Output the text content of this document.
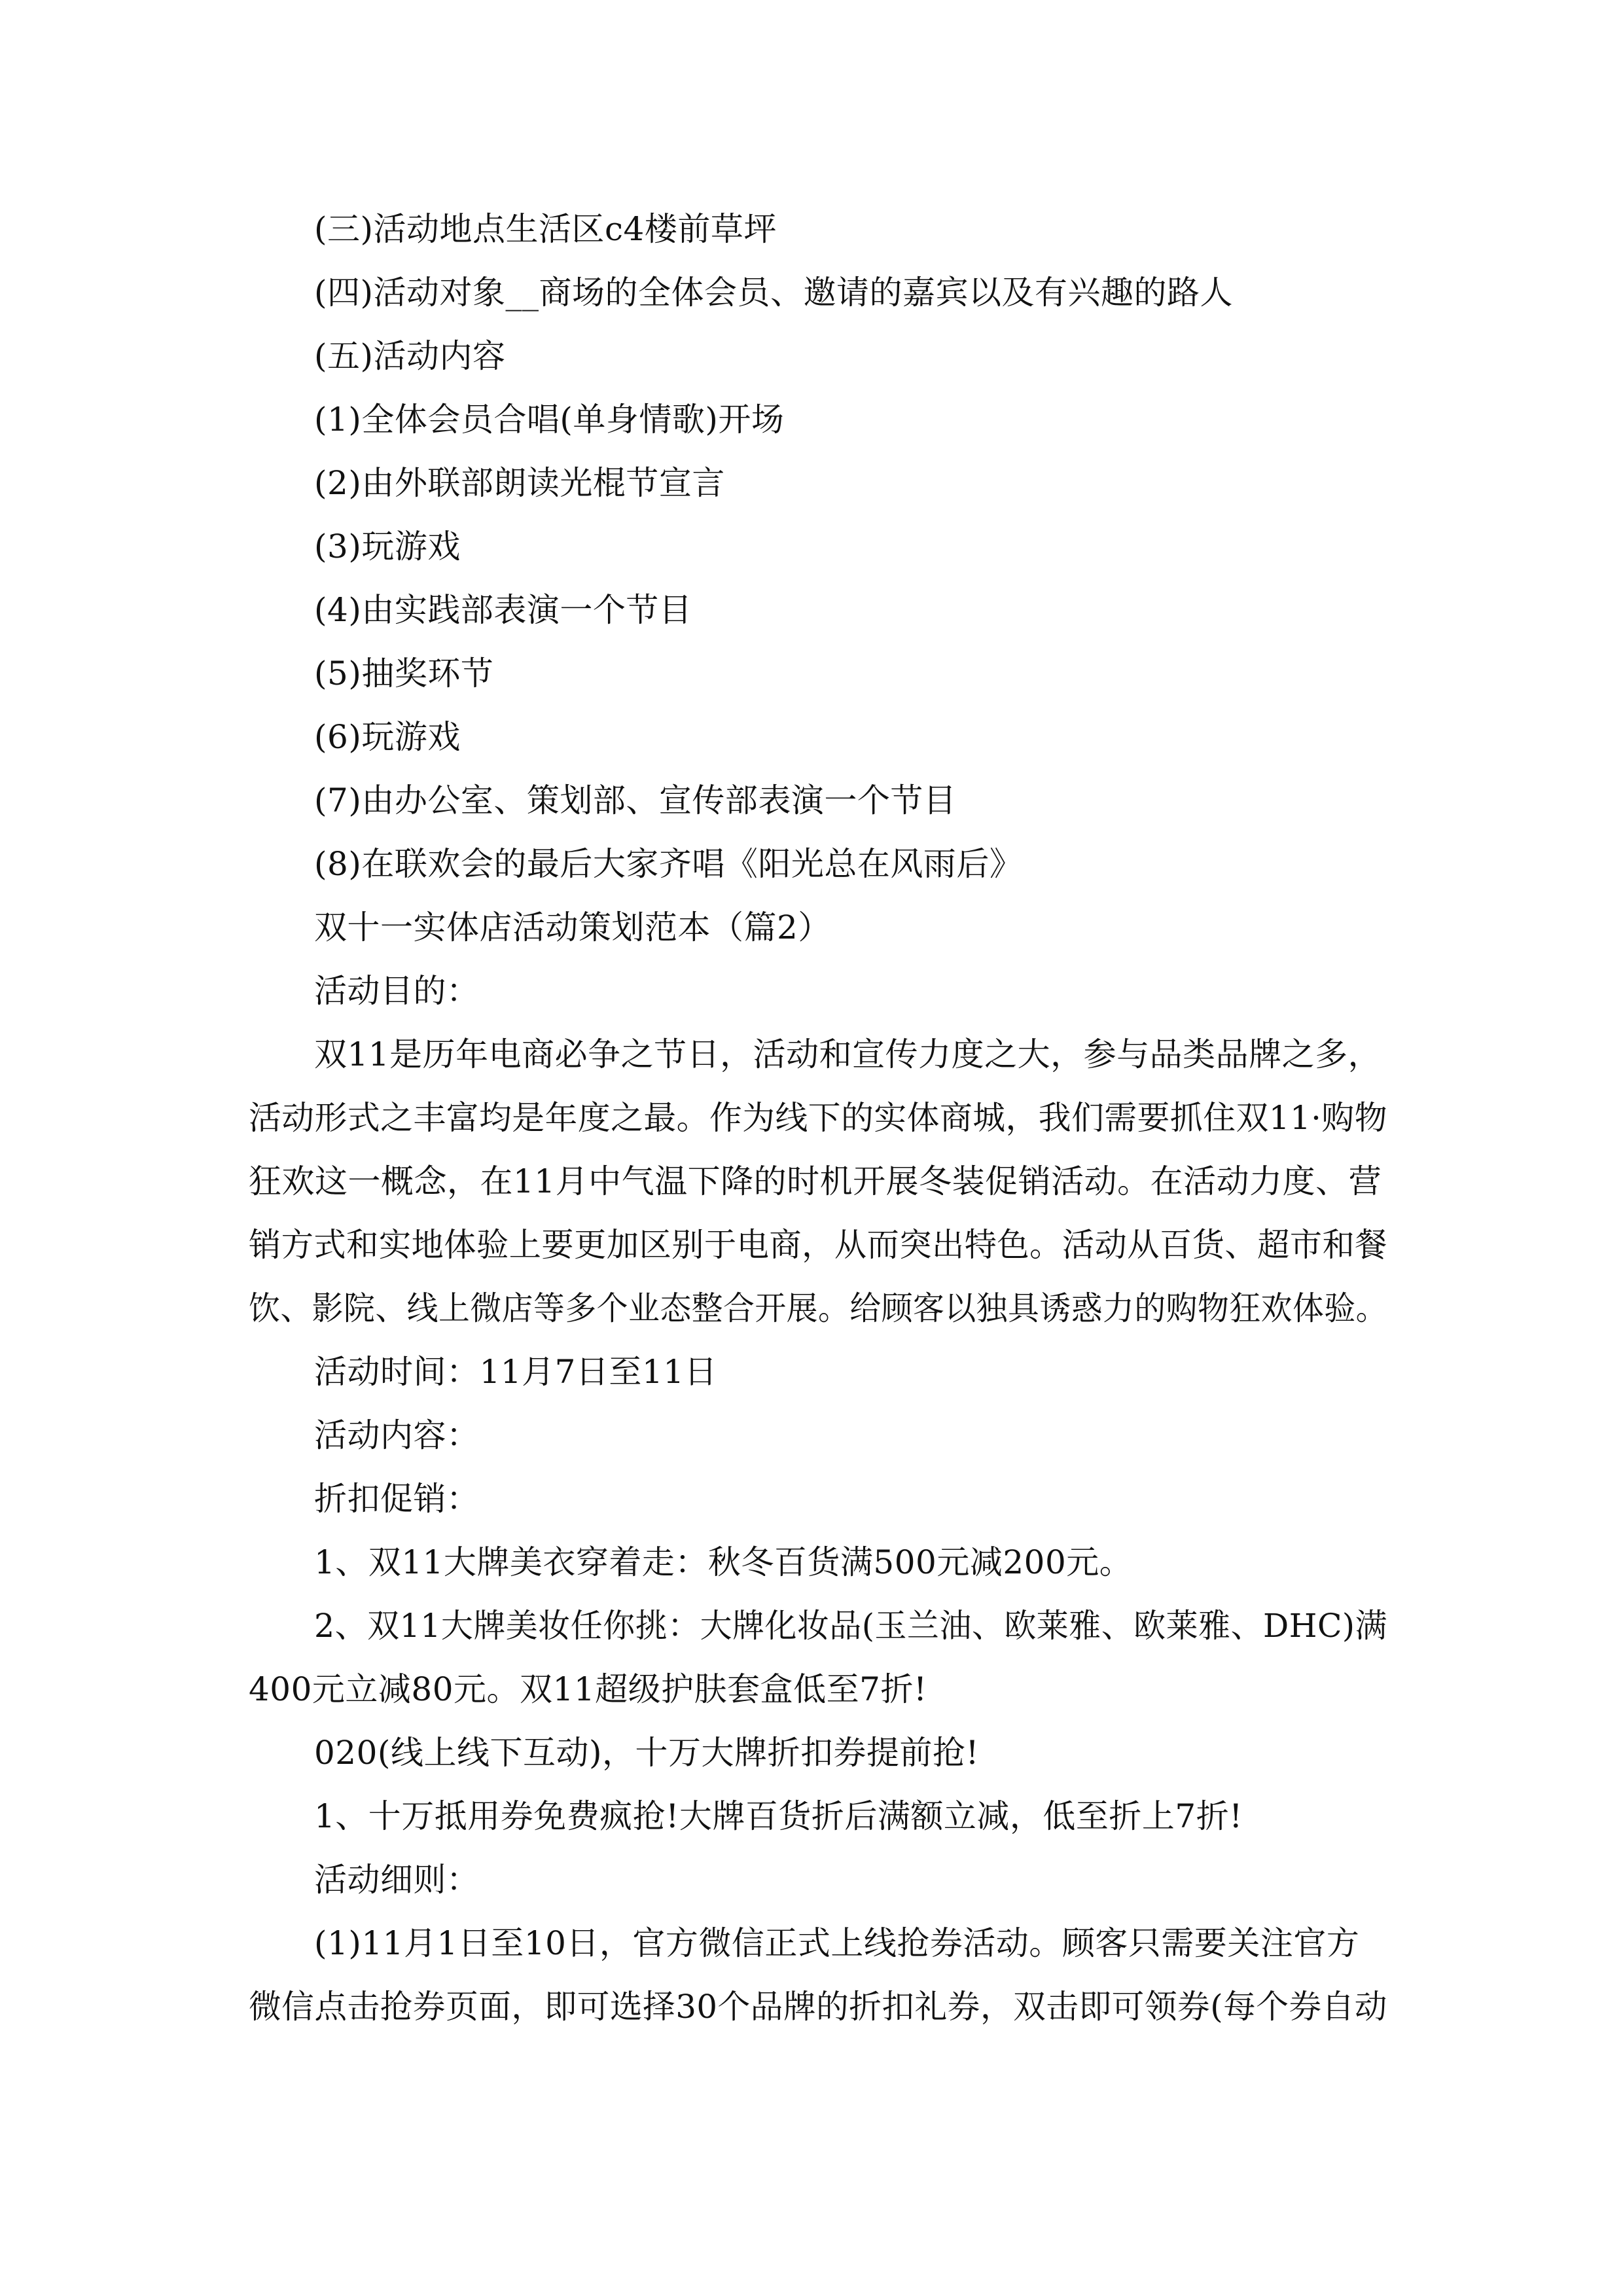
(三)活动地点生活区c4楼前草坪
(四)活动对象__商场的全体会员、邀请的嘉宾以及有兴趣的路人
(五)活动内容
(1)全体会员合唱(单身情歌)开场
(2)由外联部朗读光棍节宣言
(3)玩游戏
(4)由实践部表演一个节目
(5)抽奖环节
(6)玩游戏
(7)由办公室、策划部、宣传部表演一个节目
(8)在联欢会的最后大家齐唱《阳光总在风雨后》
双十一实体店活动策划范本（篇2）
活动目的：
双11是历年电商必争之节日，活动和宣传力度之大，参与品类品牌之多，
活动形式之丰富均是年度之最。作为线下的实体商城，我们需要抓住双11·购物
狂欢这一概念，在11月中气温下降的时机开展冬装促销活动。在活动力度、营
销方式和实地体验上要更加区别于电商，从而突出特色。活动从百货、超市和餐
饮、影院、线上微店等多个业态整合开展。给顾客以独具诱惑力的购物狂欢体验。
活动时间：11月7日至11日
活动内容：
折扣促销：
1、双11大牌美衣穿着走：秋冬百货满500元减200元。
2、双11大牌美妆任你挑：大牌化妆品(玉兰油、欧莱雅、欧莱雅、DHC)满
400元立减80元。双11超级护肤套盒低至7折!
020(线上线下互动)，十万大牌折扣券提前抢!
1、十万抵用券免费疯抢!大牌百货折后满额立减，低至折上7折!
活动细则：
(1)11月1日至10日，官方微信正式上线抢券活动。顾客只需要关注官方
微信点击抢券页面，即可选择30个品牌的折扣礼券，双击即可领券(每个券自动
